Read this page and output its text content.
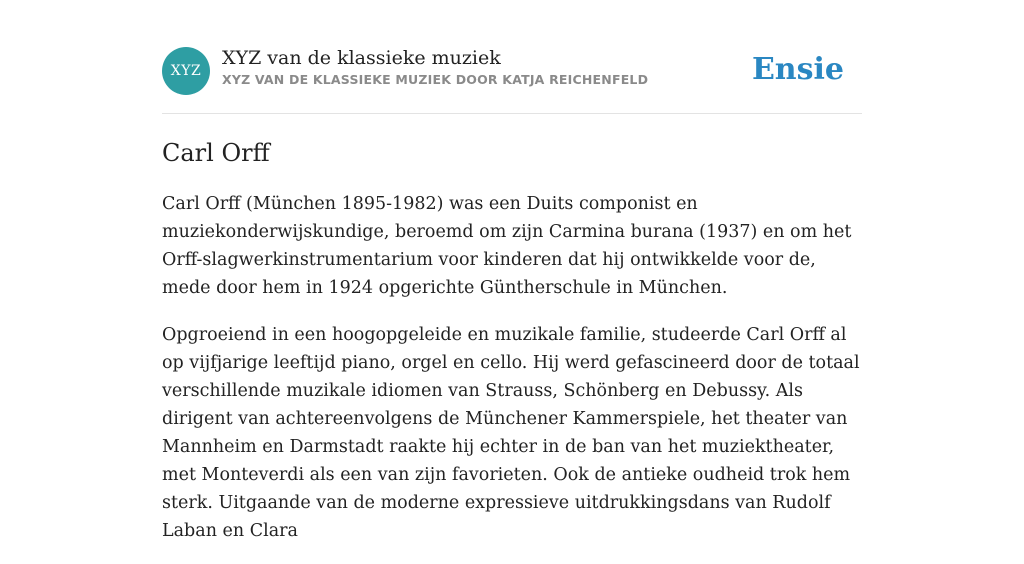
XYZ
XYZ van de klassieke muziek
XYZ VAN DE KLASSIEKE MUZIEK DOOR KATJA REICHENFELD	Ensie
Carl Orff

Carl Orff (München 1895-1982) was een Duits componist en muziekonderwijskundige, beroemd om zijn Carmina burana (1937) en om het Orff-slagwerkinstrumentarium voor kinderen dat hij ontwikkelde voor de, mede door hem in 1924 opgerichte Güntherschule in München.

Opgroeiend in een hoogopgeleide en muzikale familie, studeerde Carl Orff al op vijfjarige leeftijd piano, orgel en cello. Hij werd gefascineerd door de totaal verschillende muzikale idiomen van Strauss, Schönberg en Debussy. Als dirigent van achtereenvolgens de Münchener Kammerspiele, het theater van Mannheim en Darmstadt raakte hij echter in de ban van het muziektheater, met Monteverdi als een van zijn favorieten. Ook de antieke oudheid trok hem sterk. Uitgaande van de moderne expressieve uitdrukkingsdans van Rudolf Laban en Clara
